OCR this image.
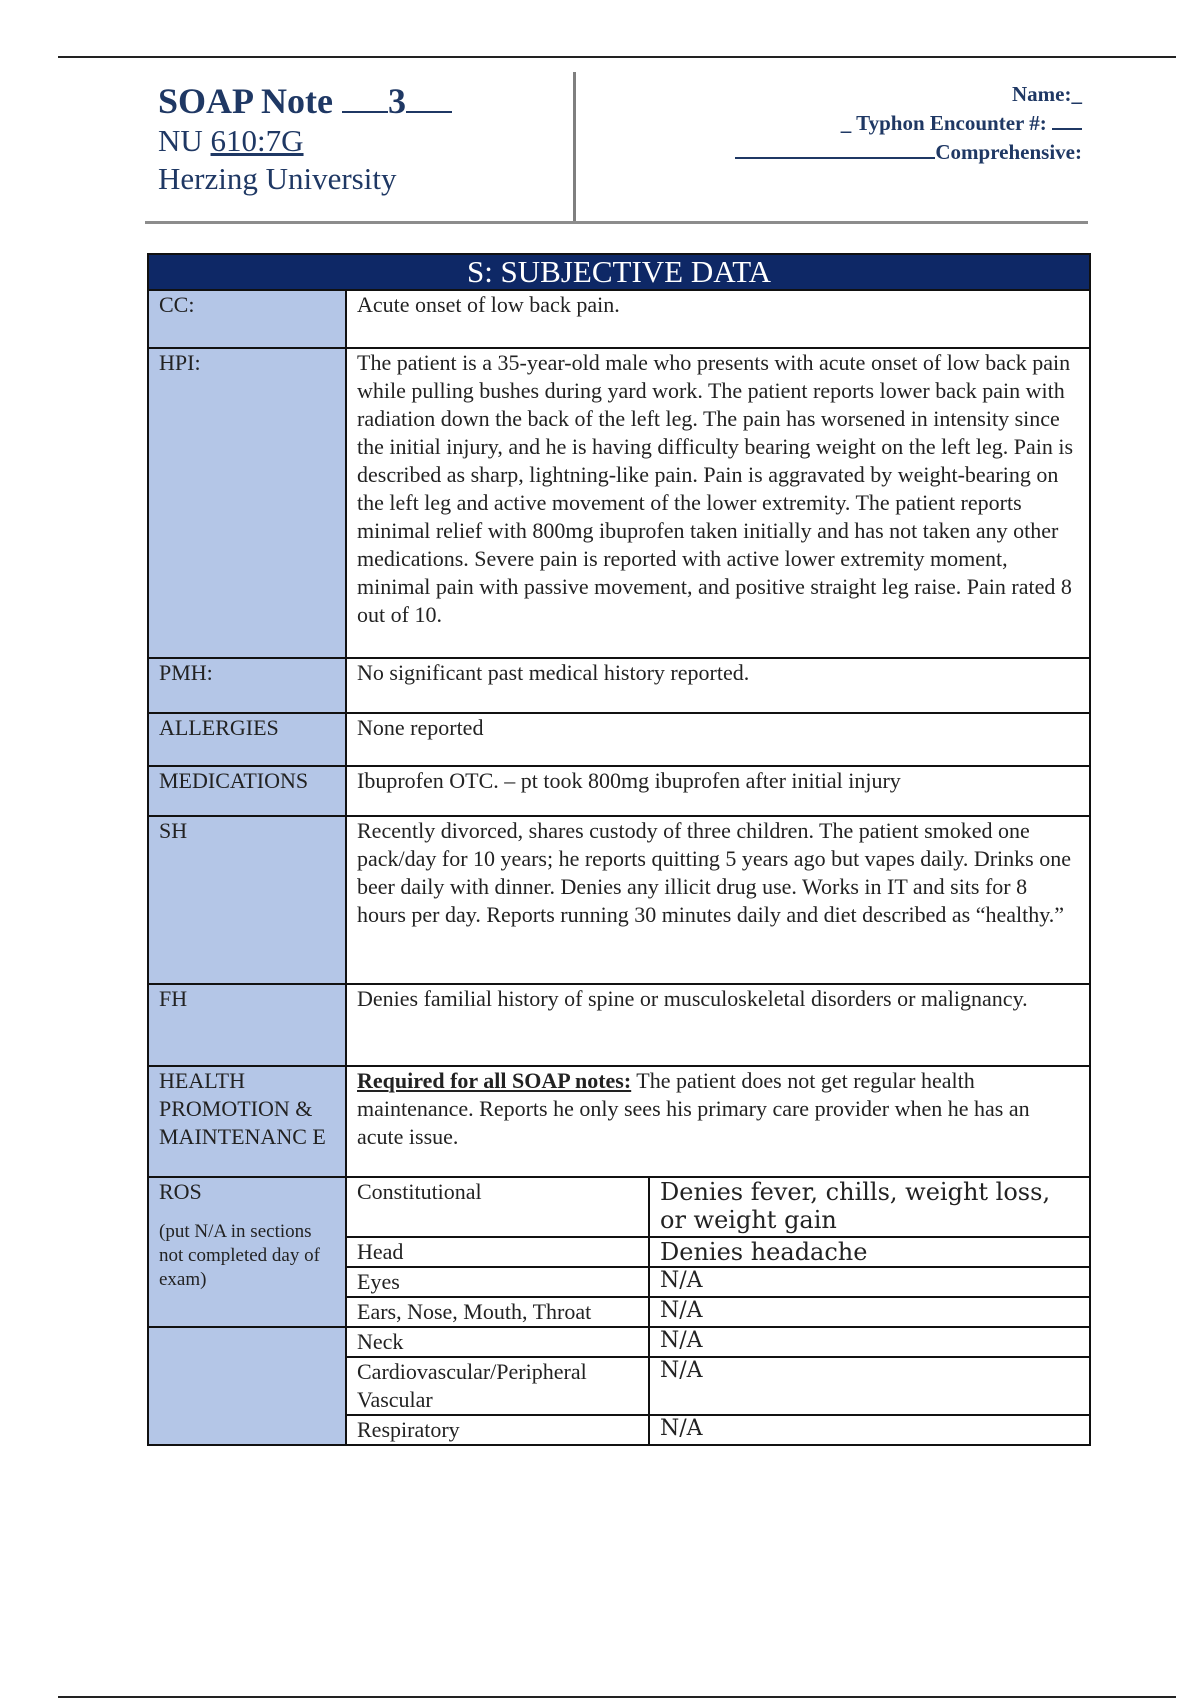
SOAP Note 3
NU 610:7G
Herzing University
Name:_
_ Typhon Encounter #:
Comprehensive:
S: SUBJECTIVE DATA		
CC:	Acute onset of low back pain.	
HPI:	The patient is a 35-year-old male who presents with acute onset of low back pain while pulling bushes during yard work. The patient reports lower back pain with radiation down the back of the left leg. The pain has worsened in intensity since the initial injury, and he is having difficulty bearing weight on the left leg. Pain is described as sharp, lightning-like pain. Pain is aggravated by weight-bearing on the left leg and active movement of the lower extremity. The patient reports minimal relief with 800mg ibuprofen taken initially and has not taken any other medications. Severe pain is reported with active lower extremity moment, minimal pain with passive movement, and positive straight leg raise. Pain rated 8 out of 10.	
PMH:	No significant past medical history reported.	
ALLERGIES	None reported	
MEDICATIONS	Ibuprofen OTC. – pt took 800mg ibuprofen after initial injury	
SH	Recently divorced, shares custody of three children. The patient smoked one pack/day for 10 years; he reports quitting 5 years ago but vapes daily. Drinks one beer daily with dinner. Denies any illicit drug use. Works in IT and sits for 8 hours per day. Reports running 30 minutes daily and diet described as “healthy.”	
FH	Denies familial history of spine or musculoskeletal disorders or malignancy.	
HEALTH PROMOTION & MAINTENANC E	Required for all SOAP notes: The patient does not get regular health maintenance. Reports he only sees his primary care provider when he has an acute issue.	
ROS
(put N/A in sections not completed day of exam)	Constitutional	Denies fever, chills, weight loss, or weight gain
	Head	Denies headache
	Eyes	N/A
	Ears, Nose, Mouth, Throat	N/A
	Neck	N/A
	Cardiovascular/Peripheral Vascular	N/A
	Respiratory	N/A
